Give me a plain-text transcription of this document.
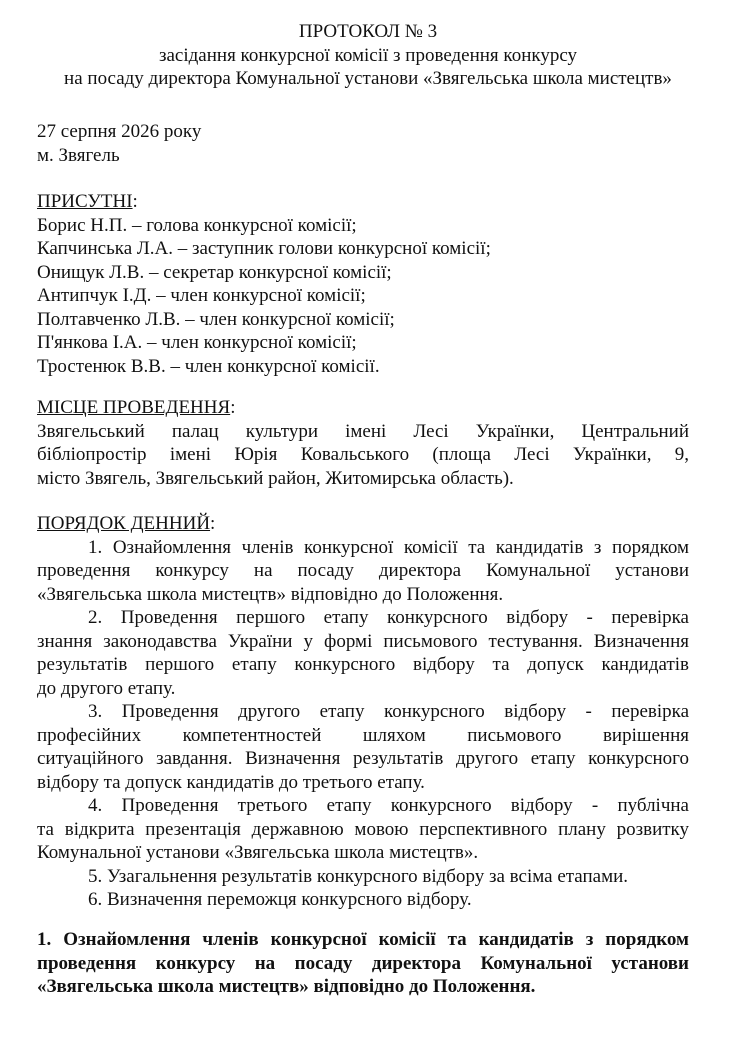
ПРОТОКОЛ № 3
засідання конкурсної комісії з проведення конкурсу
на посаду директора Комунальної установи «Звягельська школа мистецтв»
27 серпня 2026 року
м. Звягель
ПРИСУТНІ:
Борис Н.П. – голова конкурсної комісії;
Капчинська Л.А. – заступник голови конкурсної комісії;
Онищук Л.В. – секретар конкурсної комісії;
Антипчук І.Д. – член конкурсної комісії;
Полтавченко Л.В. – член конкурсної комісії;
П'янкова І.А. – член конкурсної комісії;
Тростенюк В.В. – член конкурсної комісії.
МІСЦЕ ПРОВЕДЕННЯ:
Звягельський палац культури імені Лесі Українки, Центральний
бібліопростір імені Юрія Ковальського (площа Лесі Українки, 9,
місто Звягель, Звягельський район, Житомирська область).
ПОРЯДОК ДЕННИЙ:
1. Ознайомлення членів конкурсної комісії та кандидатів з порядком
проведення конкурсу на посаду директора Комунальної установи
«Звягельська школа мистецтв» відповідно до Положення.
2. Проведення першого етапу конкурсного відбору - перевірка
знання законодавства України у формі письмового тестування. Визначення
результатів першого етапу конкурсного відбору та допуск кандидатів
до другого етапу.
3. Проведення другого етапу конкурсного відбору - перевірка
професійних компетентностей шляхом письмового вирішення
ситуаційного завдання. Визначення результатів другого етапу конкурсного
відбору та допуск кандидатів до третього етапу.
4. Проведення третього етапу конкурсного відбору - публічна
та відкрита презентація державною мовою перспективного плану розвитку
Комунальної установи «Звягельська школа мистецтв».
5. Узагальнення результатів конкурсного відбору за всіма етапами.
6. Визначення переможця конкурсного відбору.
1. Ознайомлення членів конкурсної комісії та кандидатів з порядком
проведення конкурсу на посаду директора Комунальної установи
«Звягельська школа мистецтв» відповідно до Положення.
